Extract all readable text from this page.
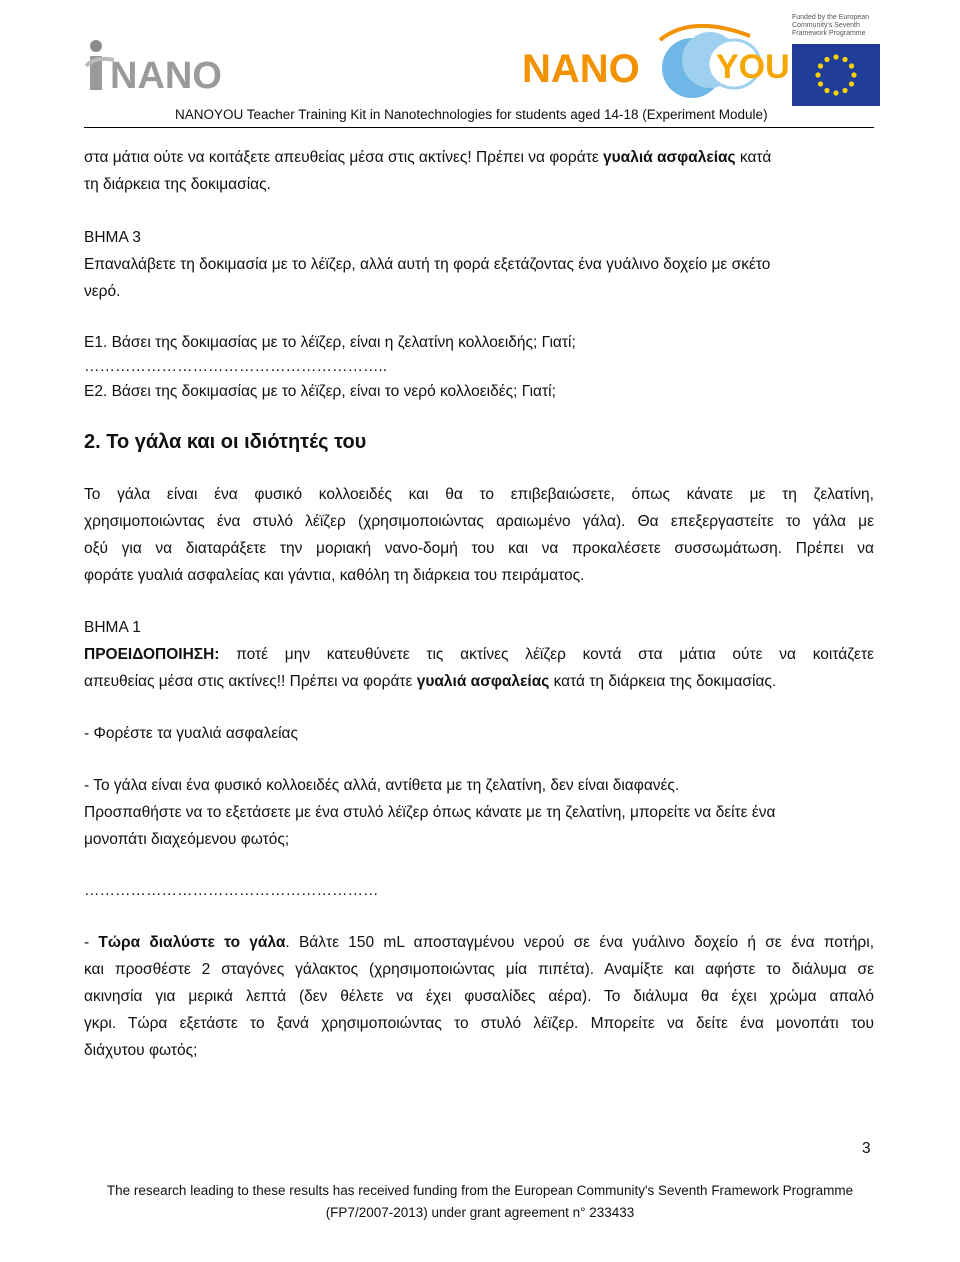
NANO	NANO YOU
Funded by the European Community's Seventh Framework Programme
NANOYOU Teacher Training Kit in Nanotechnologies for students aged 14-18 (Experiment Module)

στα μάτια ούτε να κοιτάξετε απευθείας μέσα στις ακτίνες! Πρέπει να φοράτε γυαλιά ασφαλείας κατά

τη διάρκεια της δοκιμασίας.

ΒΗΜΑ 3

Επαναλάβετε τη δοκιμασία με το λέϊζερ, αλλά αυτή τη φορά εξετάζοντας ένα γυάλινο δοχείο με σκέτο

νερό.

Ε1. Βάσει της δοκιμασίας με το λέϊζερ, είναι η ζελατίνη κολλοειδής; Γιατί;

…………………………………………………..

Ε2. Βάσει της δοκιμασίας με το λέϊζερ, είναι το νερό κολλοειδές; Γιατί;

2. Το γάλα και οι ιδιότητές του

Το γάλα είναι ένα φυσικό κολλοειδές και θα το επιβεβαιώσετε, όπως κάνατε με τη ζελατίνη,

χρησιμοποιώντας ένα στυλό λέϊζερ (χρησιμοποιώντας αραιωμένο γάλα). Θα επεξεργαστείτε το γάλα με

οξύ για να διαταράξετε την μοριακή νανο-δομή του και να προκαλέσετε συσσωμάτωση. Πρέπει να

φοράτε γυαλιά ασφαλείας και γάντια, καθόλη τη διάρκεια του πειράματος.

ΒΗΜΑ 1

ΠΡΟΕΙΔΟΠΟΙΗΣΗ: ποτέ μην κατευθύνετε τις ακτίνες λέϊζερ κοντά στα μάτια ούτε να κοιτάζετε

απευθείας μέσα στις ακτίνες!! Πρέπει να φοράτε γυαλιά ασφαλείας κατά τη διάρκεια της δοκιμασίας.

- Φορέστε τα γυαλιά ασφαλείας

- Το γάλα είναι ένα φυσικό κολλοειδές αλλά, αντίθετα με τη ζελατίνη, δεν είναι διαφανές.

Προσπαθήστε να το εξετάσετε με ένα στυλό λέϊζερ όπως κάνατε με τη ζελατίνη, μπορείτε να δείτε ένα

μονοπάτι διαχεόμενου φωτός;

…………………………………………………

- Τώρα διαλύστε το γάλα. Βάλτε 150 mL αποσταγμένου νερού σε ένα γυάλινο δοχείο ή σε ένα ποτήρι,

και προσθέστε 2 σταγόνες γάλακτος (χρησιμοποιώντας μία πιπέτα). Αναμίξτε και αφήστε το διάλυμα σε

ακινησία για μερικά λεπτά (δεν θέλετε να έχει φυσαλίδες αέρα). Το διάλυμα θα έχει χρώμα απαλό

γκρι. Τώρα εξετάστε το ξανά χρησιμοποιώντας το στυλό λέϊζερ. Μπορείτε να δείτε ένα μονοπάτι του

διάχυτου φωτός;

3
The research leading to these results has received funding from the European Community's Seventh Framework Programme
(FP7/2007-2013) under grant agreement n° 233433
